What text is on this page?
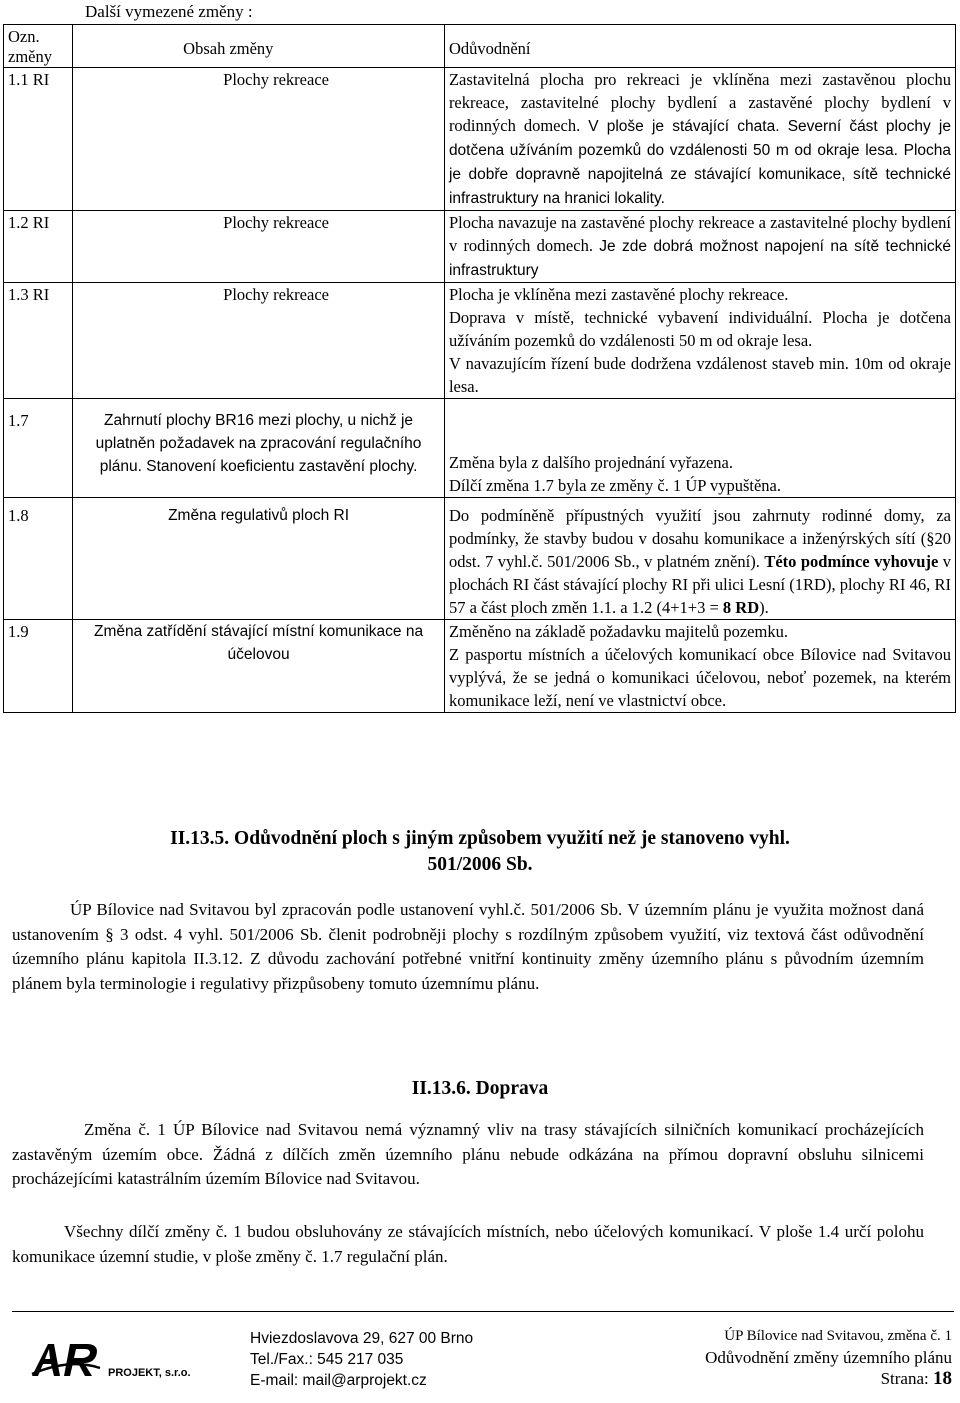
Další vymezené změny :
Ozn. změny	Obsah změny	Odůvodnění
1.1 RI	Plochy rekreace	Zastavitelná plocha pro rekreaci je vklíněna mezi zastavěnou plochu rekreace, zastavitelné plochy bydlení a zastavěné plochy bydlení v rodinných domech. V ploše je stávající chata. Severní část plochy je dotčena užíváním pozemků do vzdálenosti 50 m od okraje lesa. Plocha je dobře dopravně napojitelná ze stávající komunikace, sítě technické infrastruktury na hranici lokality.
1.2 RI	Plochy rekreace	Plocha navazuje na zastavěné plochy rekreace a zastavitelné plochy bydlení v rodinných domech. Je zde dobrá možnost napojení na sítě technické infrastruktury
1.3 RI	Plochy rekreace	Plocha je vklíněna mezi zastavěné plochy rekreace.
Doprava v místě, technické vybavení individuální. Plocha je dotčena užíváním pozemků do vzdálenosti 50 m od okraje lesa.
V navazujícím řízení bude dodržena vzdálenost staveb min. 10m od okraje lesa.

1.7	Zahrnutí plochy BR16 mezi plochy, u nichž je uplatněn požadavek na zpracování regulačního plánu. Stanovení koeficientu zastavění plochy.	Změna byla z dalšího projednání vyřazena.
Dílčí změna 1.7 byla ze změny č. 1 ÚP vypuštěna.

1.8	Změna regulativů ploch RI	Do podmíněně přípustných využití jsou zahrnuty rodinné domy, za podmínky, že stavby budou v dosahu komunikace a inženýrských sítí (§20 odst. 7 vyhl.č. 501/2006 Sb., v platném znění). Této podmínce vyhovuje v plochách RI část stávající plochy RI při ulici Lesní (1RD), plochy RI 46, RI 57 a část ploch změn 1.1. a 1.2 (4+1+3 = 8 RD).
1.9	Změna zatřídění stávající místní komunikace na účelovou	Změněno na základě požadavku majitelů pozemku.
Z pasportu místních a účelových komunikací obce Bílovice nad Svitavou vyplývá, že se jedná o komunikaci účelovou, neboť pozemek, na kterém komunikace leží, není ve vlastnictví obce.
II.13.5. Odůvodnění ploch s jiným způsobem využití než je stanoveno vyhl.
501/2006 Sb.
ÚP Bílovice nad Svitavou byl zpracován podle ustanovení vyhl.č. 501/2006 Sb. V územním plánu je využita možnost daná ustanovením § 3 odst. 4 vyhl. 501/2006 Sb. členit podrobněji plochy s rozdílným způsobem využití, viz textová část odůvodnění územního plánu kapitola II.3.12. Z důvodu zachování potřebné vnitřní kontinuity změny územního plánu s původním územním plánem byla terminologie i regulativy přizpůsobeny tomuto územnímu plánu.
II.13.6. Doprava
Změna č. 1 ÚP Bílovice nad Svitavou nemá významný vliv na trasy stávajících silničních komunikací procházejících zastavěným územím obce. Žádná z dílčích změn územního plánu nebude odkázána na přímou dopravní obsluhu silnicemi procházejícími katastrálním územím Bílovice nad Svitavou.
Všechny dílčí změny č. 1 budou obsluhovány ze stávajících místních, nebo účelových komunikací. V ploše 1.4 určí polohu komunikace územní studie, v ploše změny č. 1.7 regulační plán.
PROJEKT, s.r.o.
Hviezdoslavova 29, 627 00 Brno
Tel./Fax.: 545 217 035
E-mail: mail@arprojekt.cz
ÚP Bílovice nad Svitavou, změna č. 1
Odůvodnění změny územního plánu
Strana: 18
